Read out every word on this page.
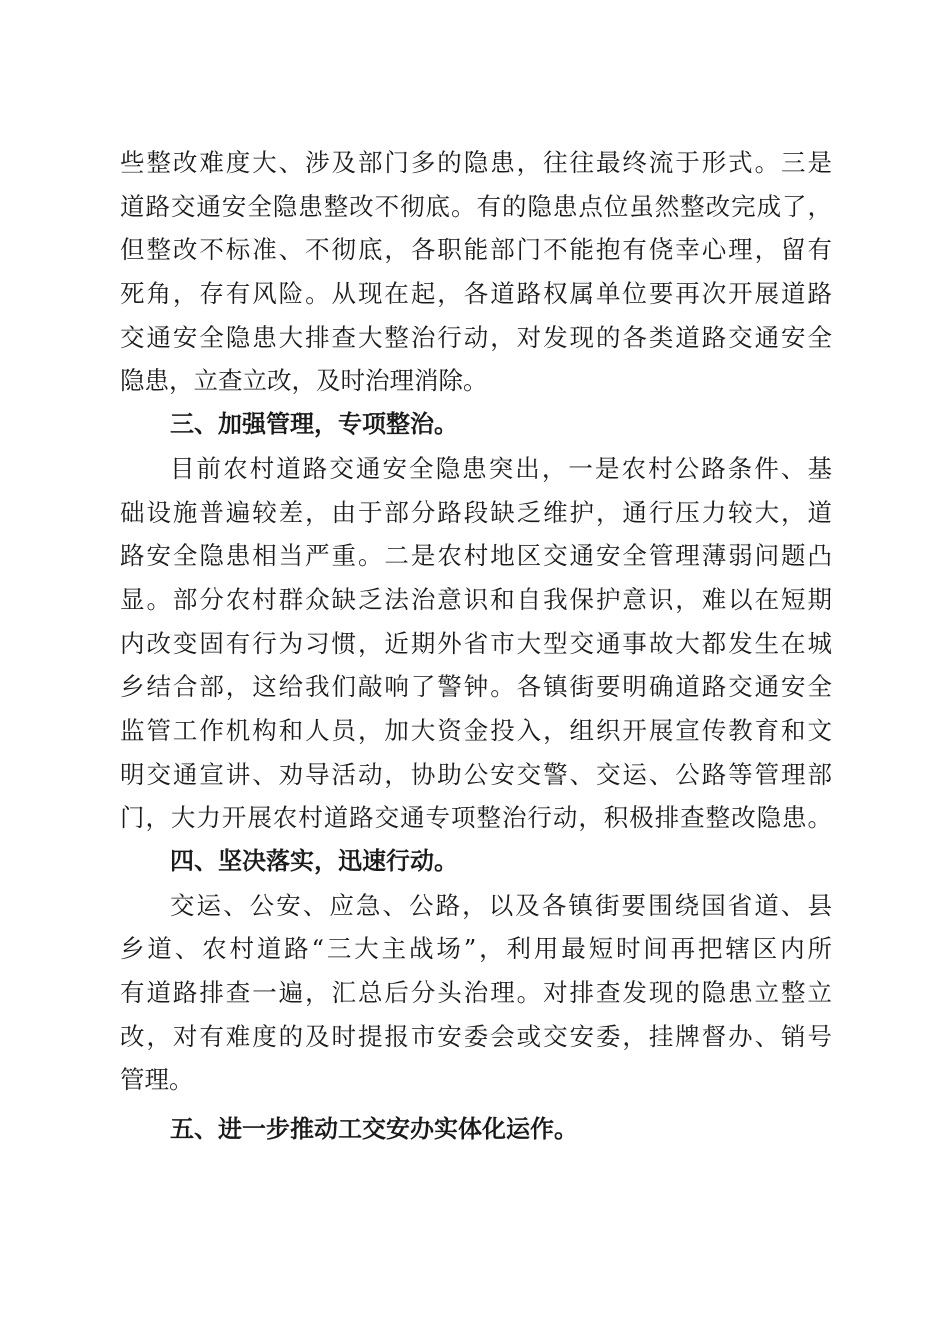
些整改难度大、涉及部门多的隐患，往往最终流于形式。三是
道路交通安全隐患整改不彻底。有的隐患点位虽然整改完成了，
但整改不标准、不彻底，各职能部门不能抱有侥幸心理，留有
死角，存有风险。从现在起，各道路权属单位要再次开展道路
交通安全隐患大排查大整治行动，对发现的各类道路交通安全
隐患，立查立改，及时治理消除。
三、加强管理，专项整治。
目前农村道路交通安全隐患突出，一是农村公路条件、基
础设施普遍较差，由于部分路段缺乏维护，通行压力较大，道
路安全隐患相当严重。二是农村地区交通安全管理薄弱问题凸
显。部分农村群众缺乏法治意识和自我保护意识，难以在短期
内改变固有行为习惯，近期外省市大型交通事故大都发生在城
乡结合部，这给我们敲响了警钟。各镇街要明确道路交通安全
监管工作机构和人员，加大资金投入，组织开展宣传教育和文
明交通宣讲、劝导活动，协助公安交警、交运、公路等管理部
门，大力开展农村道路交通专项整治行动，积极排查整改隐患。
四、坚决落实，迅速行动。
交运、公安、应急、公路，以及各镇街要围绕国省道、县
乡道、农村道路“三大主战场”，利用最短时间再把辖区内所
有道路排查一遍，汇总后分头治理。对排查发现的隐患立整立
改，对有难度的及时提报市安委会或交安委，挂牌督办、销号
管理。
五、进一步推动工交安办实体化运作。
